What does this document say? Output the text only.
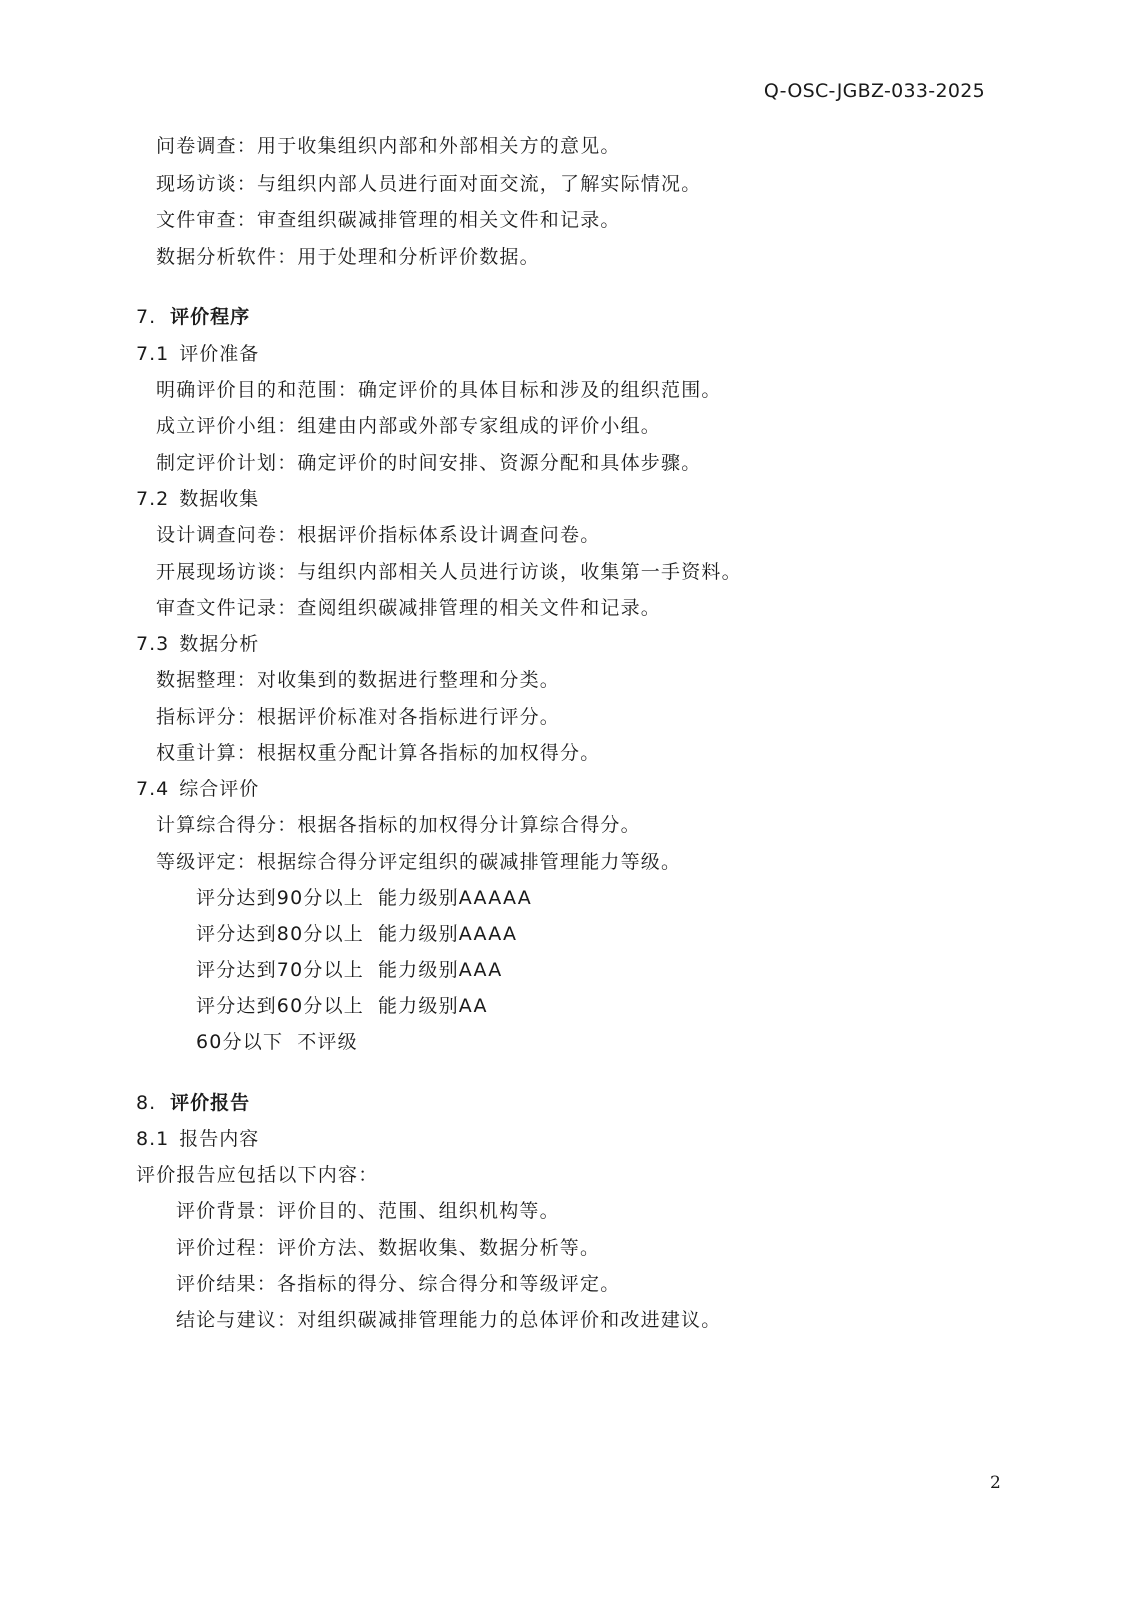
Q-OSC-JGBZ-033-2025
问卷调查：用于收集组织内部和外部相关方的意见。
现场访谈：与组织内部人员进行面对面交流，了解实际情况。
文件审查：审查组织碳减排管理的相关文件和记录。
数据分析软件：用于处理和分析评价数据。
7. 评价程序
7.1 评价准备
明确评价目的和范围：确定评价的具体目标和涉及的组织范围。
成立评价小组：组建由内部或外部专家组成的评价小组。
制定评价计划：确定评价的时间安排、资源分配和具体步骤。
7.2 数据收集
设计调查问卷：根据评价指标体系设计调查问卷。
开展现场访谈：与组织内部相关人员进行访谈，收集第一手资料。
审查文件记录：查阅组织碳减排管理的相关文件和记录。
7.3 数据分析
数据整理：对收集到的数据进行整理和分类。
指标评分：根据评价标准对各指标进行评分。
权重计算：根据权重分配计算各指标的加权得分。
7.4 综合评价
计算综合得分：根据各指标的加权得分计算综合得分。
等级评定：根据综合得分评定组织的碳减排管理能力等级。
评分达到90分以上 能力级别AAAAA
评分达到80分以上 能力级别AAAA
评分达到70分以上 能力级别AAA
评分达到60分以上 能力级别AA
60分以下 不评级
8. 评价报告
8.1 报告内容
评价报告应包括以下内容：
评价背景：评价目的、范围、组织机构等。
评价过程：评价方法、数据收集、数据分析等。
评价结果：各指标的得分、综合得分和等级评定。
结论与建议：对组织碳减排管理能力的总体评价和改进建议。
2
